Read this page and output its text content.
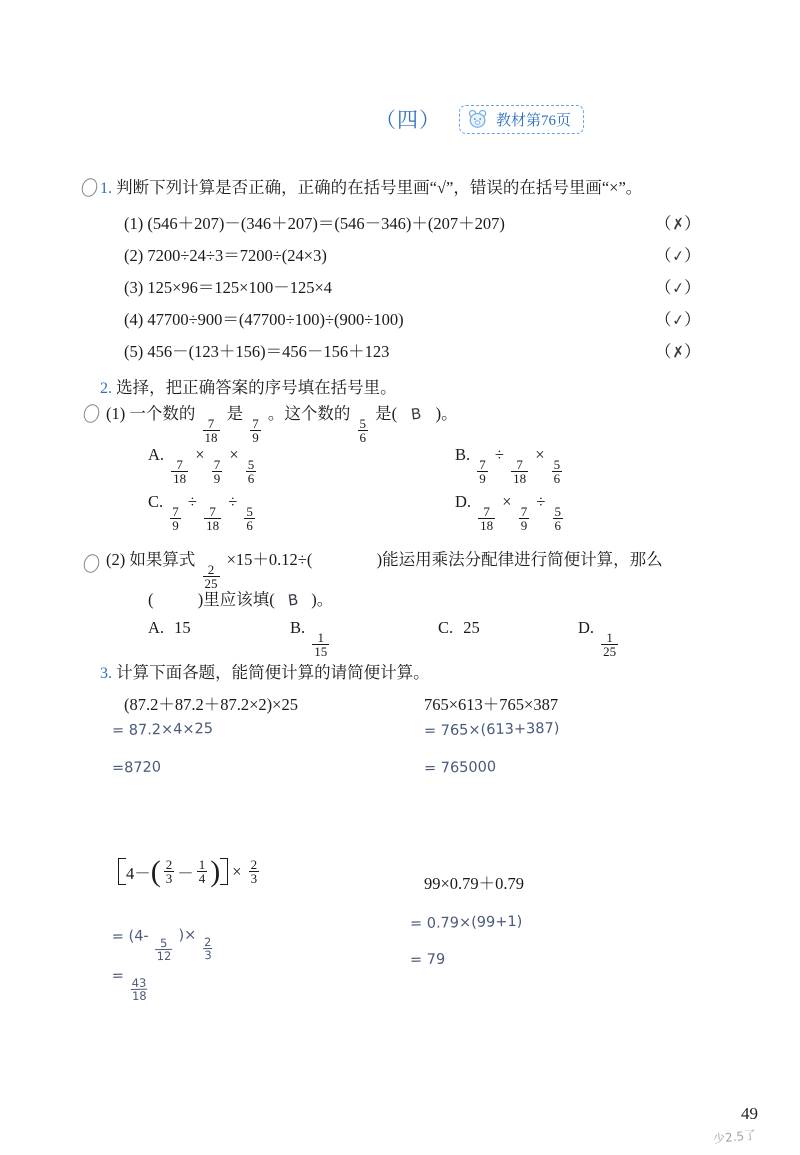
（四）	教材第76页
1. 判断下列计算是否正确，正确的在括号里画“√”，错误的在括号里画“×”。
(1) (546＋207)－(346＋207)＝(546－346)＋(207＋207)	（✗）
(2) 7200÷24÷3＝7200÷(24×3)	（✓）
(3) 125×96＝125×100－125×4	（✓）
(4) 47700÷900＝(47700÷100)÷(900÷100)	（✓）
(5) 456－(123＋156)＝456－156＋123	（✗）
2. 选择，把正确答案的序号填在括号里。
(1) 一个数的
$\frac{7}{18}$
是
$\frac{7}{9}$
。这个数的
$\frac{5}{6}$
是( B )。
A.
$\frac{7}{18}$
×
$\frac{7}{9}$
×
$\frac{5}{6}$
B.
$\frac{7}{9}$
÷
$\frac{7}{18}$
×
$\frac{5}{6}$
C.
$\frac{7}{9}$
÷
$\frac{7}{18}$
÷
$\frac{5}{6}$
D.
$\frac{7}{18}$
×
$\frac{7}{9}$
÷
$\frac{5}{6}$
(2) 如果算式
$\frac{2}{25}$
×15＋0.12÷(	)能运用乘法分配律进行简便计算，那么
(	)里应该填( B )。
A. 15	B.
$\frac{1}{15}$
C. 25	D.
$\frac{1}{25}$
3. 计算下面各题，能简便计算的请简便计算。
(87.2＋87.2＋87.2×2)×25	765×613＋765×387
= 87.2×4×25
=8720
= 765×(613+387)
= 765000
4－ ( $\frac{2}{3} - \frac{1}{4}$ ) × $\frac{2}{3}$	99×0.79＋0.79
= (4-
$\frac{5}{12}$
)×
$\frac{2}{3}$
=
$\frac{43}{18}$
= 0.79×(99+1)
= 79
49
少2.5了
